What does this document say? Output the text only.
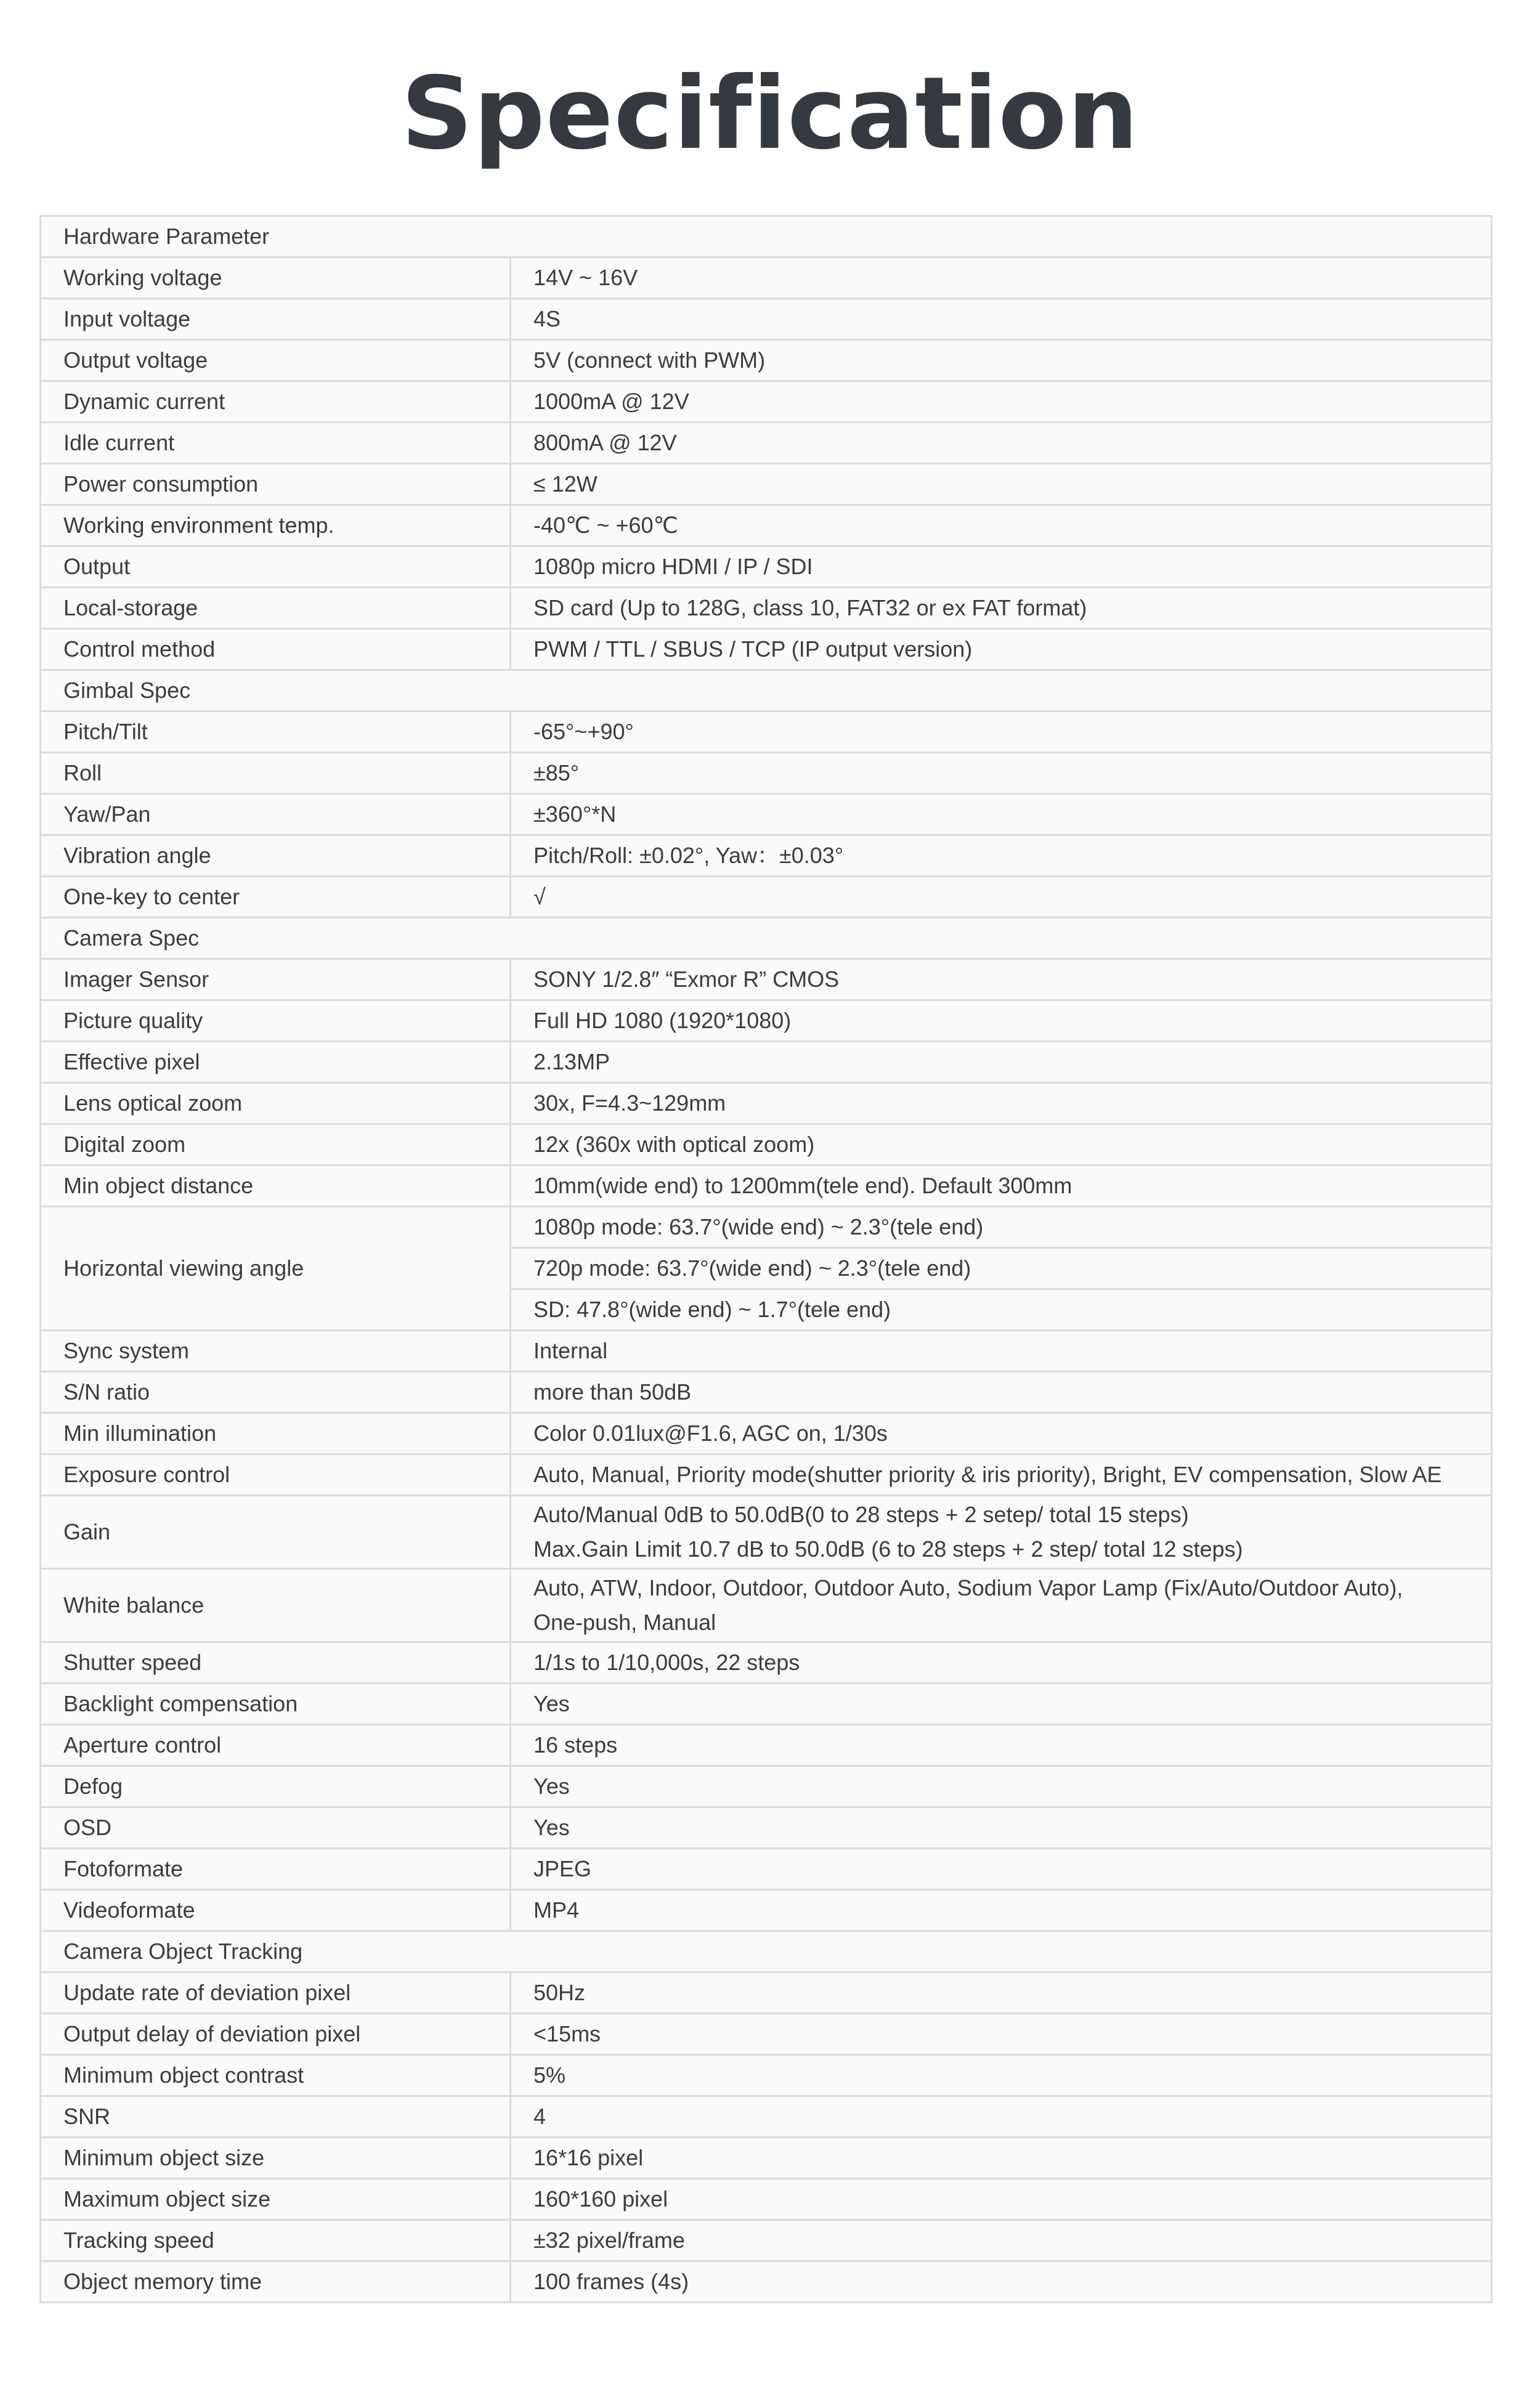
Specification
Hardware Parameter	
Working voltage	14V ~ 16V
Input voltage	4S
Output voltage	5V (connect with PWM)
Dynamic current	1000mA @ 12V
Idle current	800mA @ 12V
Power consumption	≤ 12W
Working environment temp.	-40℃ ~ +60℃
Output	1080p micro HDMI / IP / SDI
Local-storage	SD card (Up to 128G, class 10, FAT32 or ex FAT format)
Control method	PWM / TTL / SBUS / TCP (IP output version)
Gimbal Spec	
Pitch/Tilt	-65°~+90°
Roll	±85°
Yaw/Pan	±360°*N
Vibration angle	Pitch/Roll: ±0.02°, Yaw：±0.03°
One-key to center	√
Camera Spec	
Imager Sensor	SONY 1/2.8″ “Exmor R” CMOS
Picture quality	Full HD 1080 (1920*1080)
Effective pixel	2.13MP
Lens optical zoom	30x, F=4.3~129mm
Digital zoom	12x (360x with optical zoom)
Min object distance	10mm(wide end) to 1200mm(tele end). Default 300mm
Horizontal viewing angle	1080p mode: 63.7°(wide end) ~ 2.3°(tele end)
	720p mode: 63.7°(wide end) ~ 2.3°(tele end)
	SD: 47.8°(wide end) ~ 1.7°(tele end)
Sync system	Internal
S/N ratio	more than 50dB
Min illumination	Color 0.01lux@F1.6, AGC on, 1/30s
Exposure control	Auto, Manual, Priority mode(shutter priority & iris priority), Bright, EV compensation, Slow AE
Gain	Auto/Manual 0dB to 50.0dB(0 to 28 steps + 2 setep/ total 15 steps)
Max.Gain Limit 10.7 dB to 50.0dB (6 to 28 steps + 2 step/ total 12 steps)
White balance	Auto, ATW, Indoor, Outdoor, Outdoor Auto, Sodium Vapor Lamp (Fix/Auto/Outdoor Auto),
One-push, Manual
Shutter speed	1/1s to 1/10,000s, 22 steps
Backlight compensation	Yes
Aperture control	16 steps
Defog	Yes
OSD	Yes
Fotoformate	JPEG
Videoformate	MP4
Camera Object Tracking	
Update rate of deviation pixel	50Hz
Output delay of deviation pixel	<15ms
Minimum object contrast	5%
SNR	4
Minimum object size	16*16 pixel
Maximum object size	160*160 pixel
Tracking speed	±32 pixel/frame
Object memory time	100 frames (4s)
